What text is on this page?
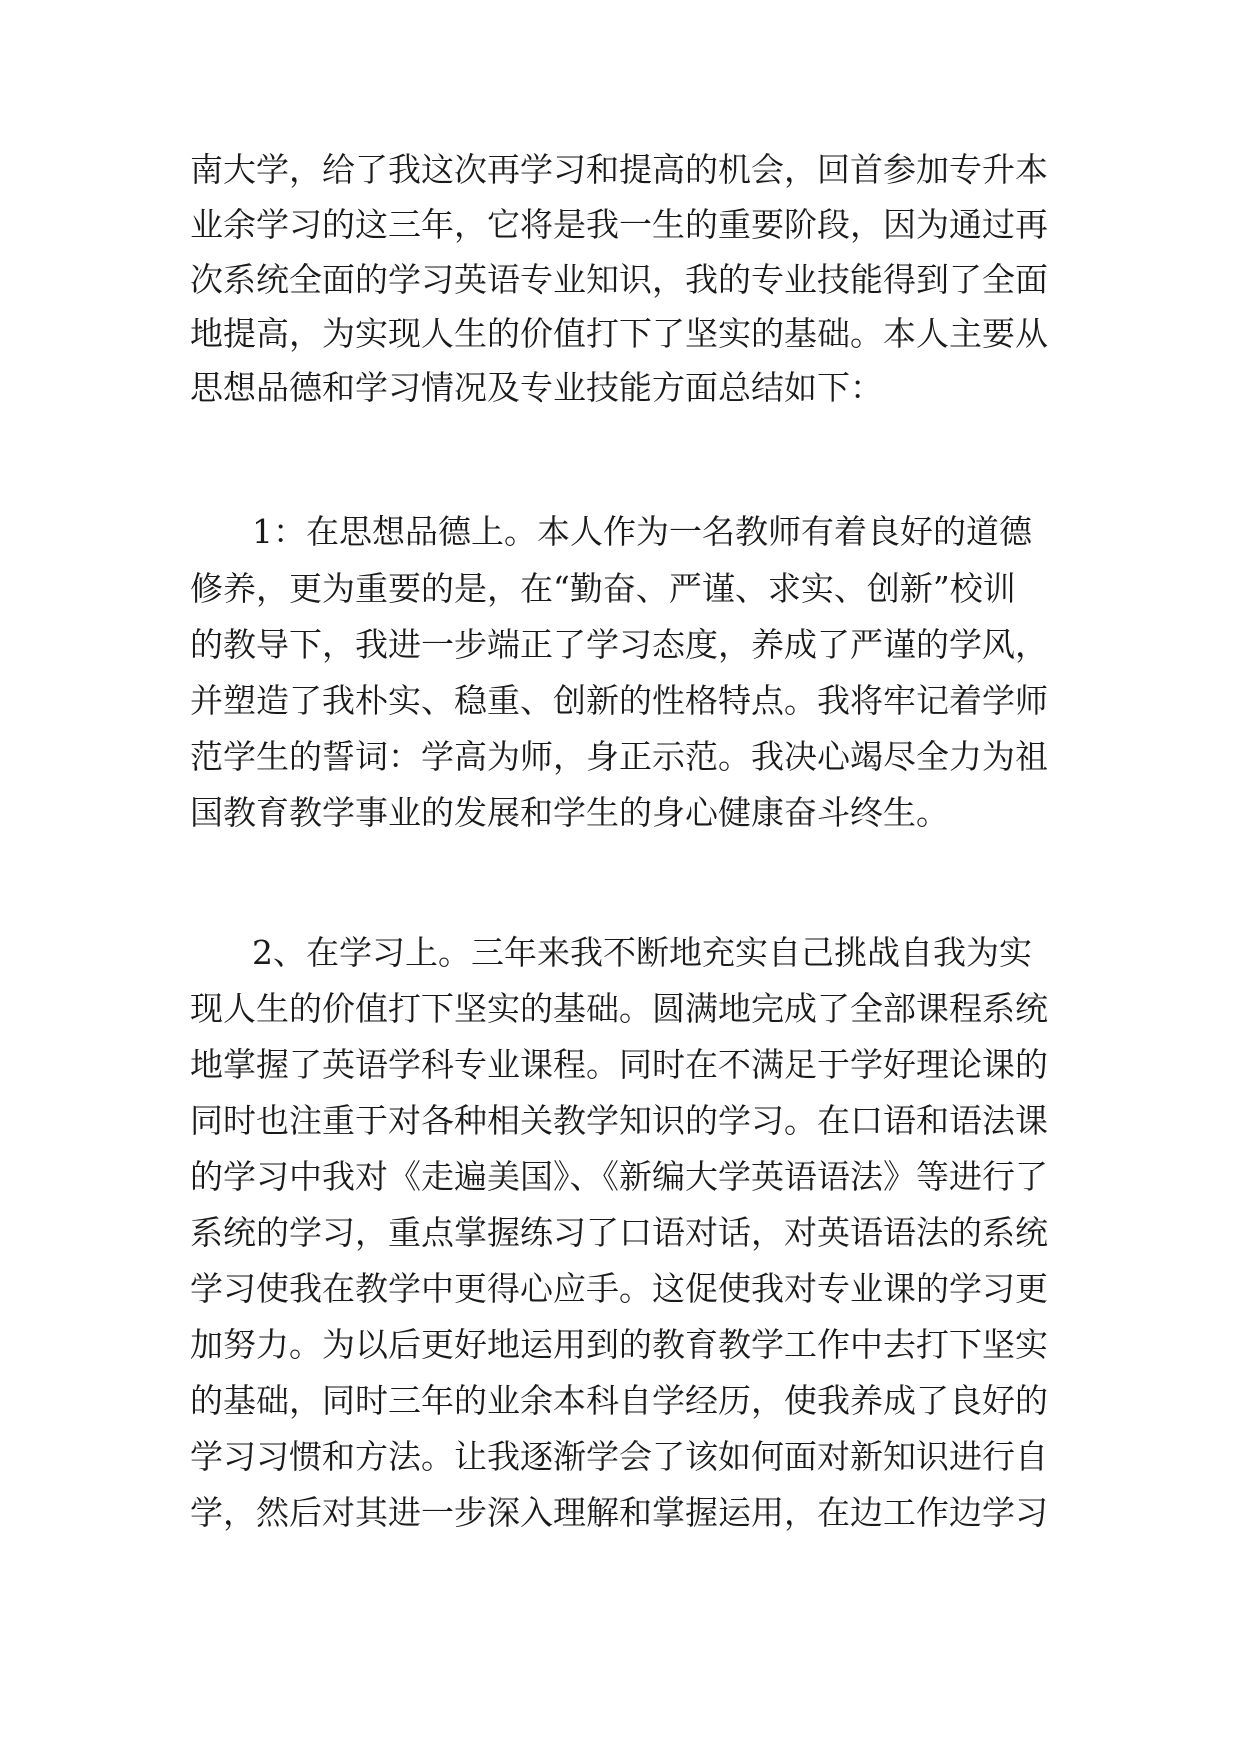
南大学，给了我这次再学习和提高的机会，回首参加专升本
业余学习的这三年，它将是我一生的重要阶段，因为通过再
次系统全面的学习英语专业知识，我的专业技能得到了全面
地提高，为实现人生的价值打下了坚实的基础。本人主要从
思想品德和学习情况及专业技能方面总结如下：
1：在思想品德上。本人作为一名教师有着良好的道德
修养，更为重要的是，在“勤奋、严谨、求实、创新”校训
的教导下，我进一步端正了学习态度，养成了严谨的学风，
并塑造了我朴实、稳重、创新的性格特点。我将牢记着学师
范学生的誓词：学高为师，身正示范。我决心竭尽全力为祖
国教育教学事业的发展和学生的身心健康奋斗终生。
2、在学习上。三年来我不断地充实自己挑战自我为实
现人生的价值打下坚实的基础。圆满地完成了全部课程系统
地掌握了英语学科专业课程。同时在不满足于学好理论课的
同时也注重于对各种相关教学知识的学习。在口语和语法课
的学习中我对《走遍美国》、《新编大学英语语法》等进行了
系统的学习，重点掌握练习了口语对话，对英语语法的系统
学习使我在教学中更得心应手。这促使我对专业课的学习更
加努力。为以后更好地运用到的教育教学工作中去打下坚实
的基础，同时三年的业余本科自学经历，使我养成了良好的
学习习惯和方法。让我逐渐学会了该如何面对新知识进行自
学，然后对其进一步深入理解和掌握运用，在边工作边学习
